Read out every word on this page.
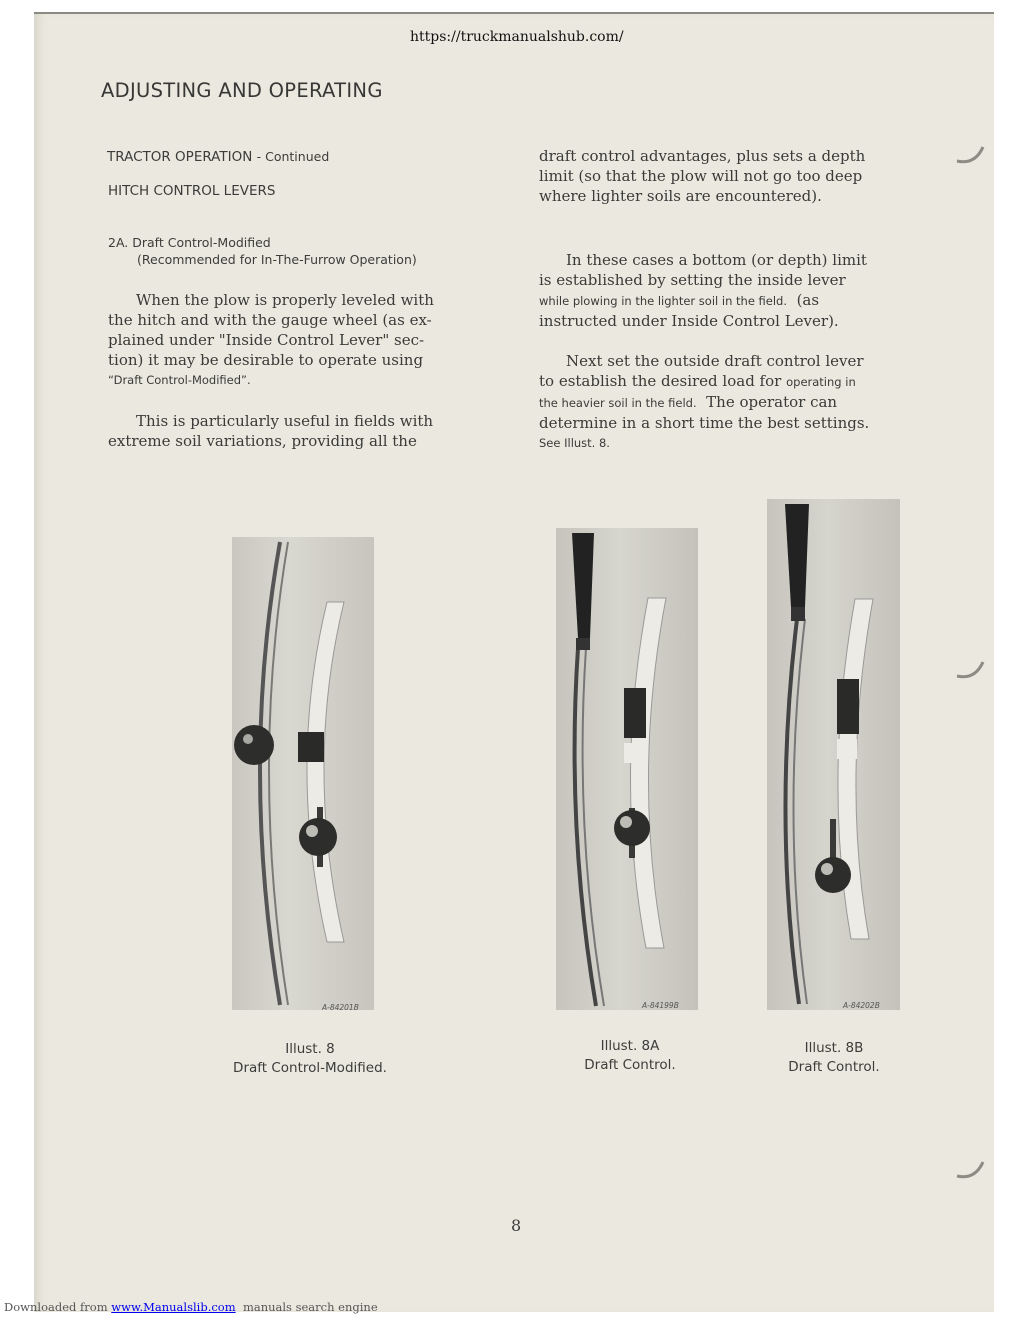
https://truckmanualshub.com/
ADJUSTING AND OPERATING
TRACTOR OPERATION - Continued
HITCH CONTROL LEVERS
2A. Draft Control-Modified
(Recommended for In-The-Furrow Operation)

When the plow is properly leveled with

the hitch and with the gauge wheel (as ex-

plained under "Inside Control Lever" sec-

tion) it may be desirable to operate using

“Draft Control-Modified”.

This is particularly useful in fields with

extreme soil variations, providing all the

draft control advantages, plus sets a depth

limit (so that the plow will not go too deep

where lighter soils are encountered).

In these cases a bottom (or depth) limit

is established by setting the inside lever

while plowing in the lighter soil in the field. (as

instructed under Inside Control Lever).

Next set the outside draft control lever

to establish the desired load for operating in

the heavier soil in the field. The operator can

determine in a short time the best settings.

See Illust. 8.

A-84201B	A-84199B	A-84202B
Illust. 8
Draft Control-Modified.
Illust. 8A
Draft Control.
Illust. 8B
Draft Control.
8
Downloaded from www.Manualslib.com manuals search engine
